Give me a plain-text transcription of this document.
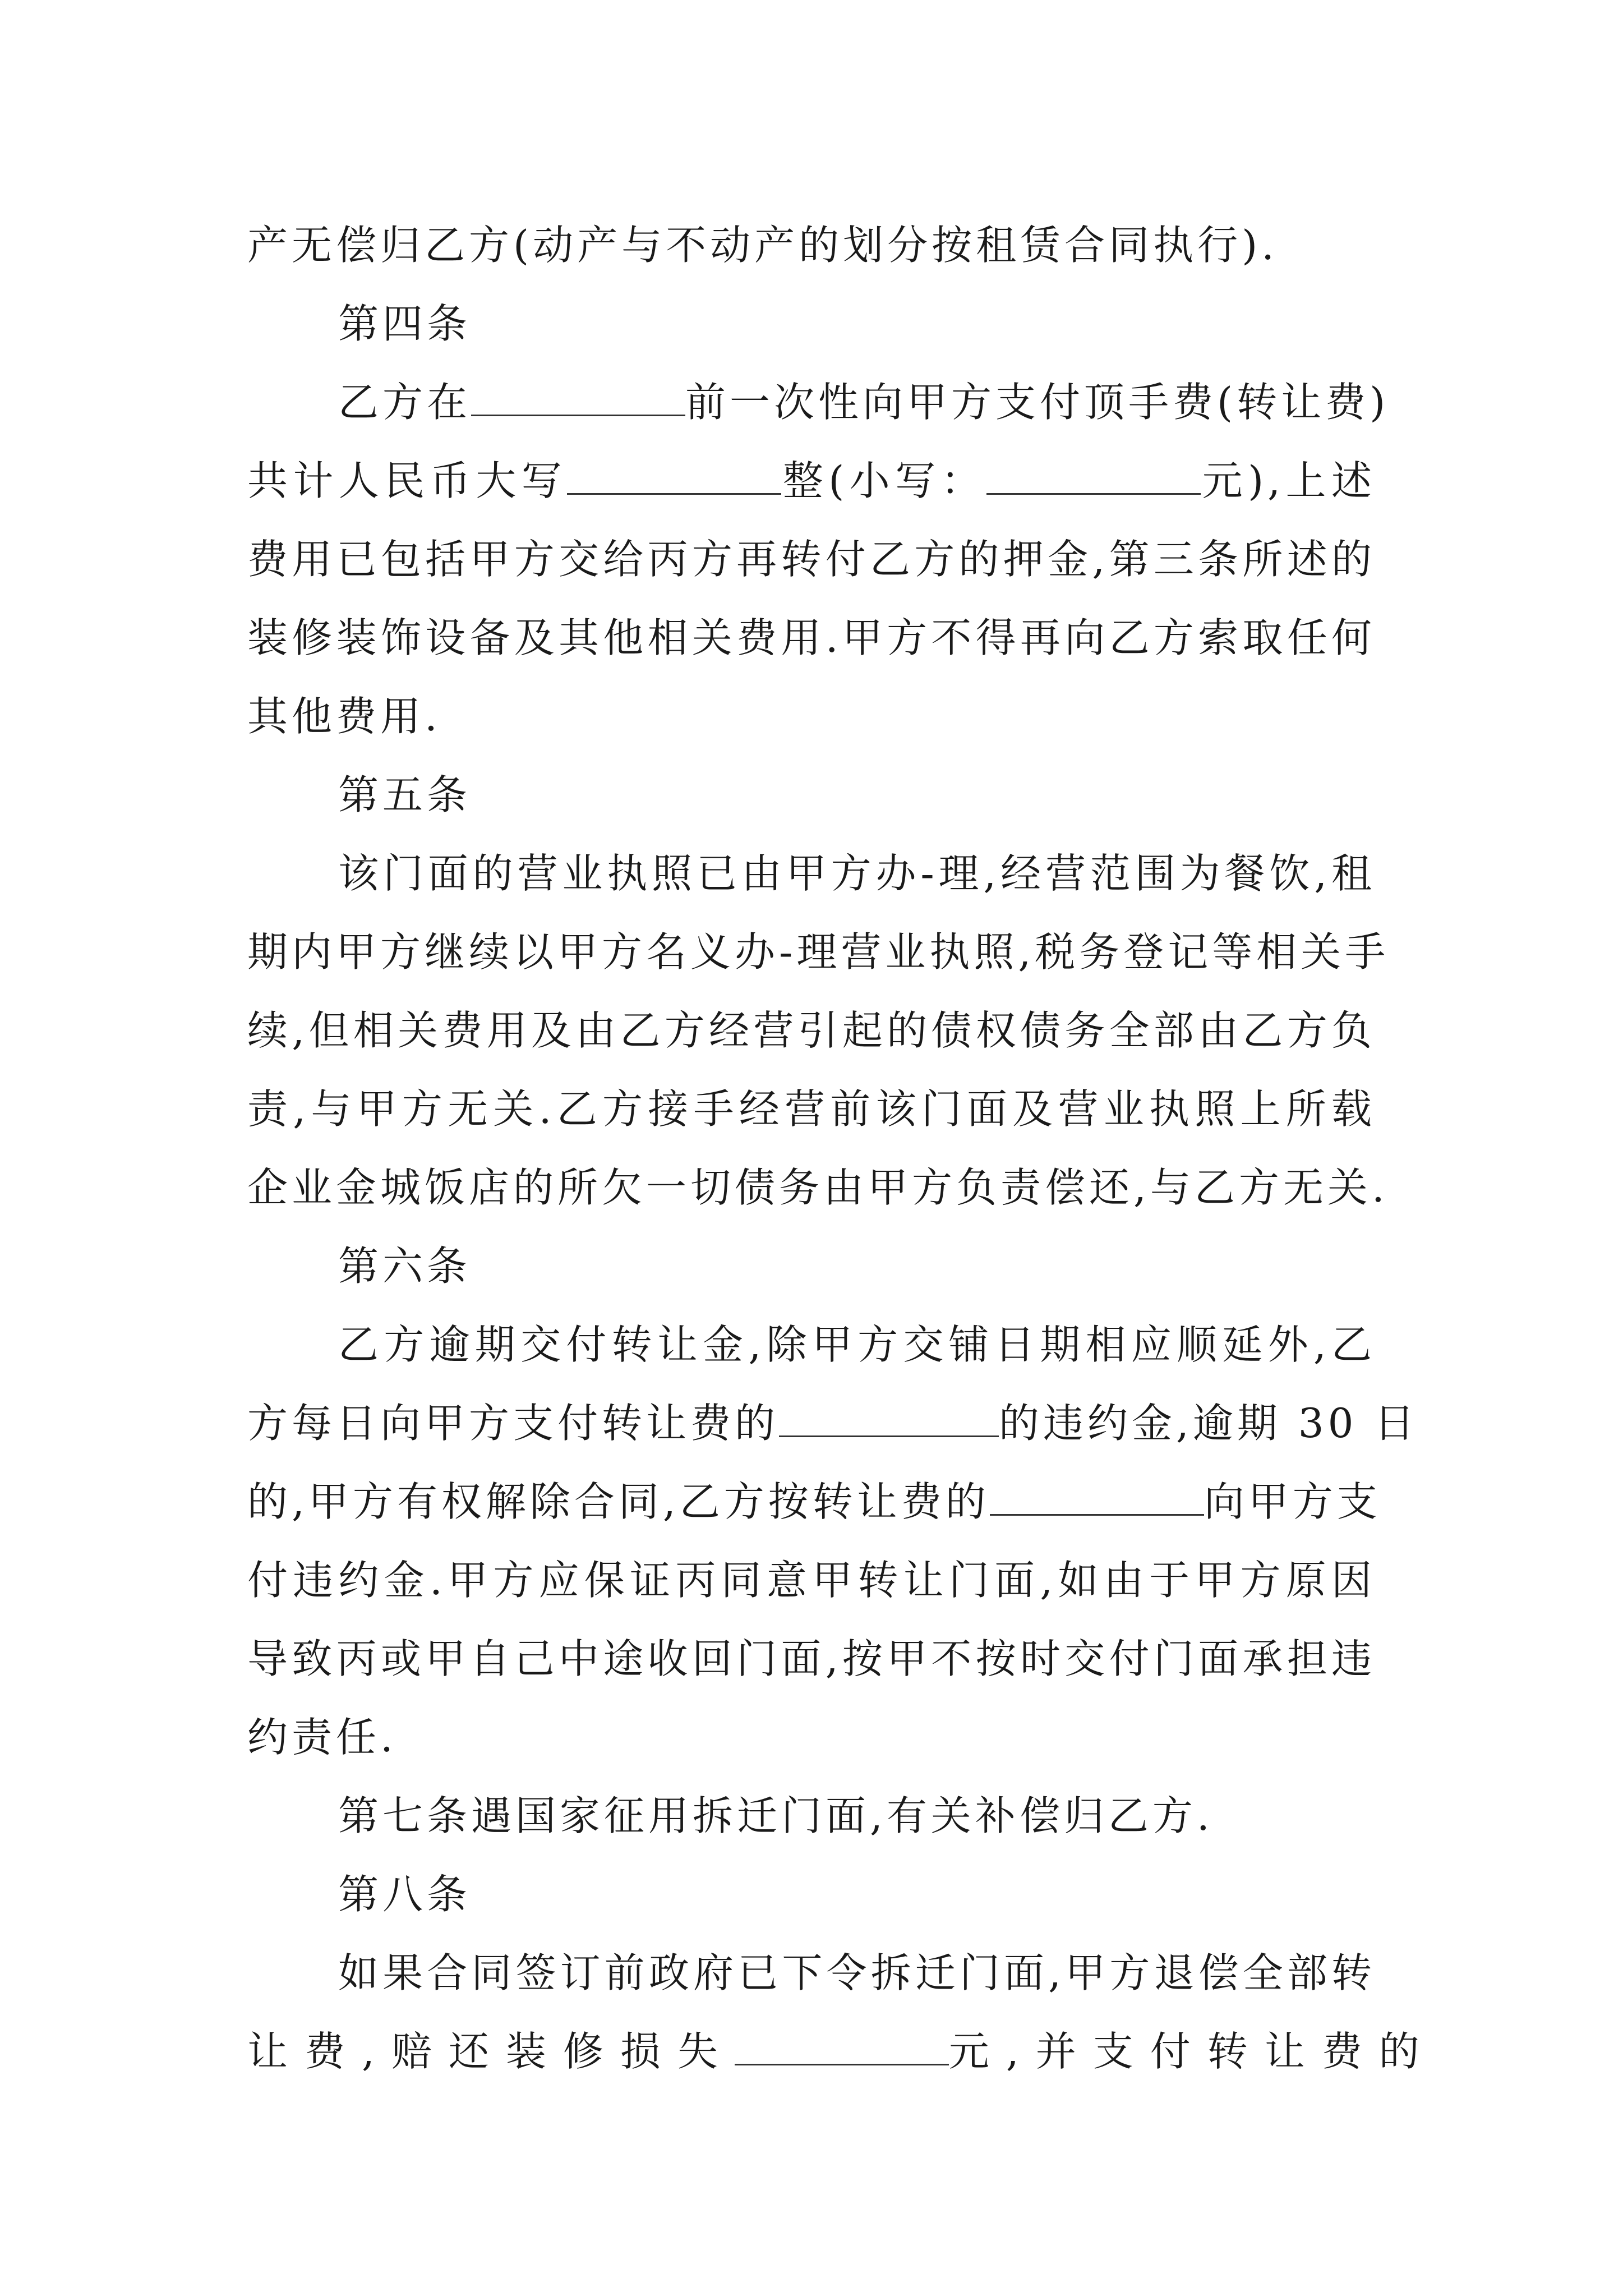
产无偿归乙方(动产与不动产的划分按租赁合同执行).
第四条
乙方在	前一次性向甲方支付顶手费(转让费)
共计人民币大写	整(小写：	元),上述
费用已包括甲方交给丙方再转付乙方的押金,第三条所述的
装修装饰设备及其他相关费用.甲方不得再向乙方索取任何
其他费用.
第五条
该门面的营业执照已由甲方办-理,经营范围为餐饮,租
期内甲方继续以甲方名义办-理营业执照,税务登记等相关手
续,但相关费用及由乙方经营引起的债权债务全部由乙方负
责,与甲方无关.乙方接手经营前该门面及营业执照上所载
企业金城饭店的所欠一切债务由甲方负责偿还,与乙方无关.
第六条
乙方逾期交付转让金,除甲方交铺日期相应顺延外,乙
方每日向甲方支付转让费的	的违约金,逾期 30 日
的,甲方有权解除合同,乙方按转让费的	向甲方支
付违约金.甲方应保证丙同意甲转让门面,如由于甲方原因
导致丙或甲自己中途收回门面,按甲不按时交付门面承担违
约责任.
第七条遇国家征用拆迁门面,有关补偿归乙方.
第八条
如果合同签订前政府已下令拆迁门面,甲方退偿全部转
让费,赔还装修损失	元,并支付转让费的
